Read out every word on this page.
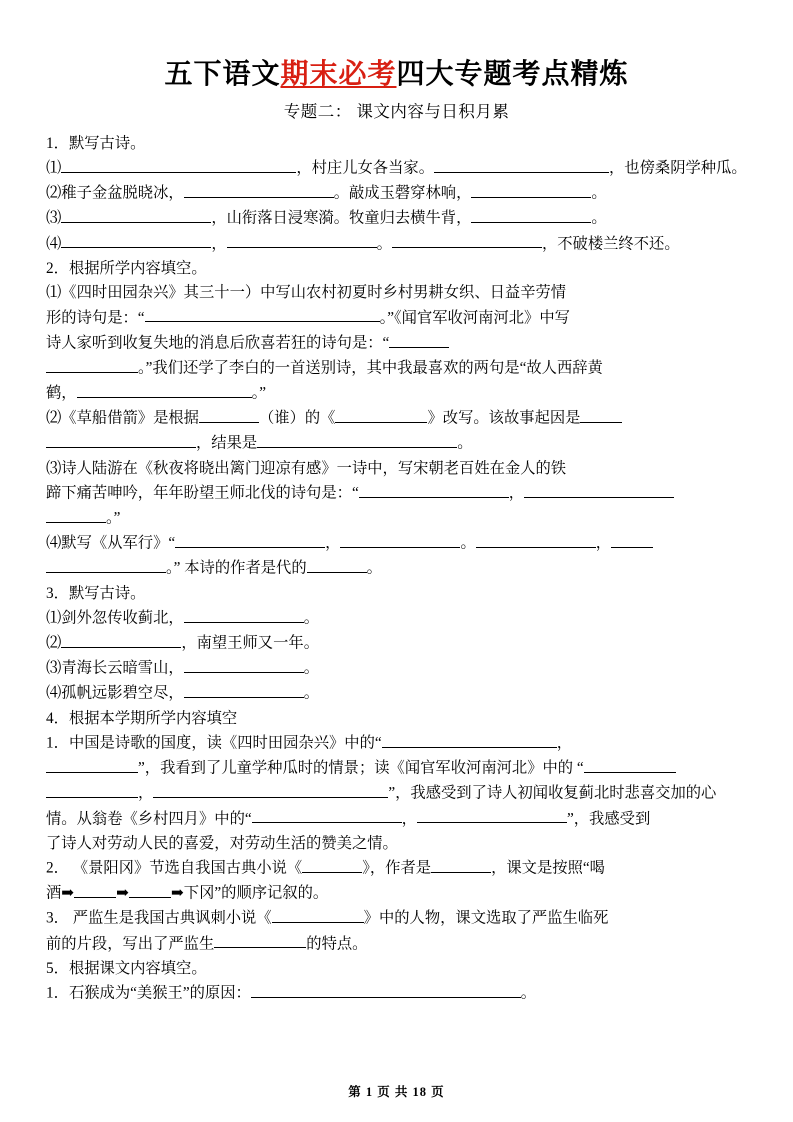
五下语文期末必考四大专题考点精炼
专题二： 课文内容与日积月累

1．默写古诗。

⑴	，村庄儿女各当家。	，也傍桑阴学种瓜。

⑵稚子金盆脱晓冰，	。敲成玉磬穿林响，	。

⑶	，山衔落日浸寒漪。牧童归去横牛背，	。

⑷	，	。	，不破楼兰终不还。

2．根据所学内容填空。

⑴《四时田园杂兴》其三十一）中写山农村初夏时乡村男耕女织、日益辛劳情

形的诗句是：“	。”《闻官军收河南河北》中写

诗人家听到收复失地的消息后欣喜若狂的诗句是：“

。”我们还学了李白的一首送别诗，其中我最喜欢的两句是“故人西辞黄

鹤，	。”

⑵《草船借箭》是根据	（谁）的《	》改写。该故事起因是

，结果是	。

⑶诗人陆游在《秋夜将晓出篱门迎凉有感》一诗中，写宋朝老百姓在金人的铁

蹄下痛苦呻吟，年年盼望王师北伐的诗句是：“	，

。”

⑷默写《从军行》“	，	。	，

。” 本诗的作者是代的	。

3．默写古诗。

⑴剑外忽传收蓟北，	。

⑵	，南望王师又一年。

⑶青海长云暗雪山，	。

⑷孤帆远影碧空尽，	。

4．根据本学期所学内容填空

1．中国是诗歌的国度，读《四时田园杂兴》中的“	，

”，我看到了儿童学种瓜时的情景；读《闻官军收河南河北》中的 “

，	”，我感受到了诗人初闻收复蓟北时悲喜交加的心

情。从翁卷《乡村四月》中的“	，	”，我感受到

了诗人对劳动人民的喜爱，对劳动生活的赞美之情。

2． 《景阳冈》节选自我国古典小说《	》，作者是	，课文是按照“喝

酒➡	➡	➡下冈”的顺序记叙的。

3． 严监生是我国古典讽刺小说《	》中的人物，课文选取了严监生临死

前的片段，写出了严监生	的特点。

5．根据课文内容填空。

1．石猴成为“美猴王”的原因：	。

第 1 页 共 18 页
